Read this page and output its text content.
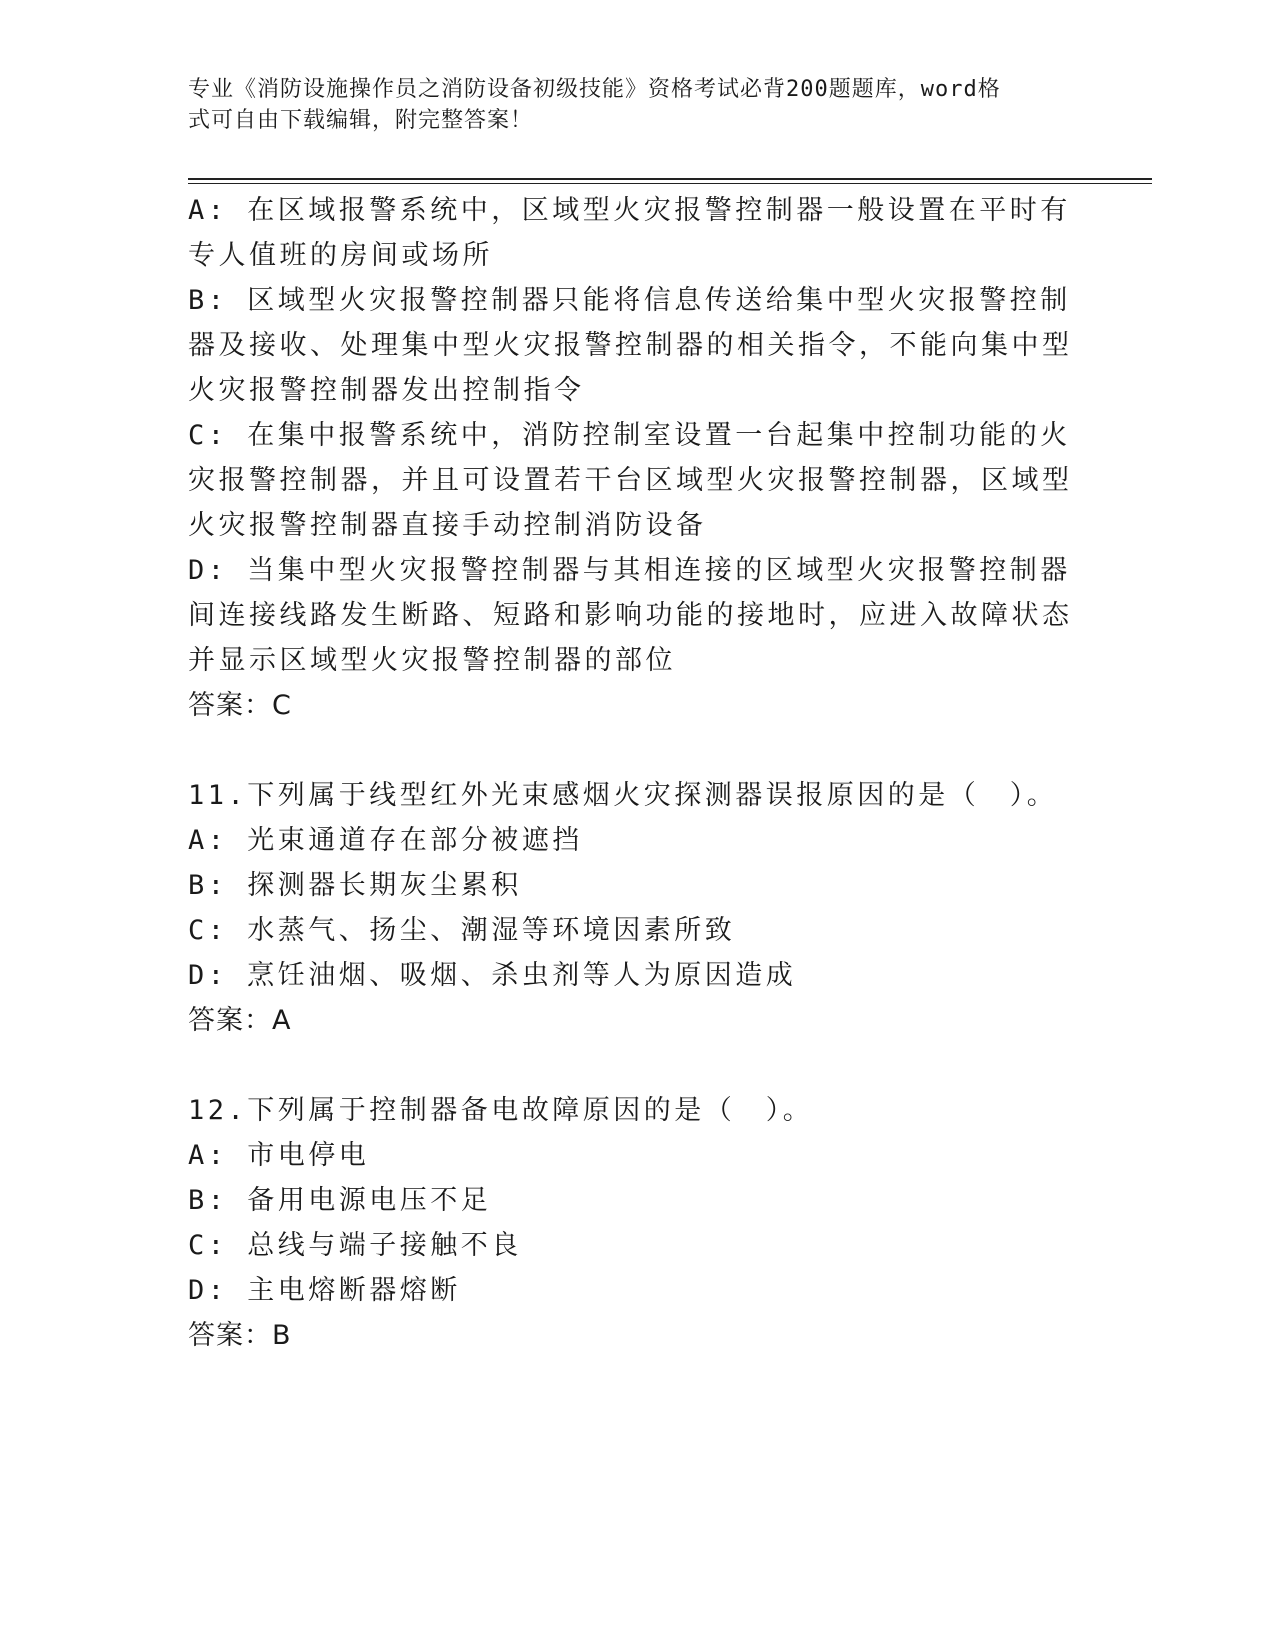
专业《消防设施操作员之消防设备初级技能》资格考试必背200题题库，word格
式可自由下载编辑，附完整答案！

A: 在区域报警系统中，区域型火灾报警控制器一般设置在平时有专人值班的房间或场所

B: 区域型火灾报警控制器只能将信息传送给集中型火灾报警控制器及接收、处理集中型火灾报警控制器的相关指令，不能向集中型火灾报警控制器发出控制指令

C: 在集中报警系统中，消防控制室设置一台起集中控制功能的火灾报警控制器，并且可设置若干台区域型火灾报警控制器，区域型火灾报警控制器直接手动控制消防设备

D: 当集中型火灾报警控制器与其相连接的区域型火灾报警控制器间连接线路发生断路、短路和影响功能的接地时，应进入故障状态并显示区域型火灾报警控制器的部位

答案：C

11.下列属于线型红外光束感烟火灾探测器误报原因的是（　）。

A: 光束通道存在部分被遮挡

B: 探测器长期灰尘累积

C: 水蒸气、扬尘、潮湿等环境因素所致

D: 烹饪油烟、吸烟、杀虫剂等人为原因造成

答案：A

12.下列属于控制器备电故障原因的是（　）。

A: 市电停电

B: 备用电源电压不足

C: 总线与端子接触不良

D: 主电熔断器熔断

答案：B
